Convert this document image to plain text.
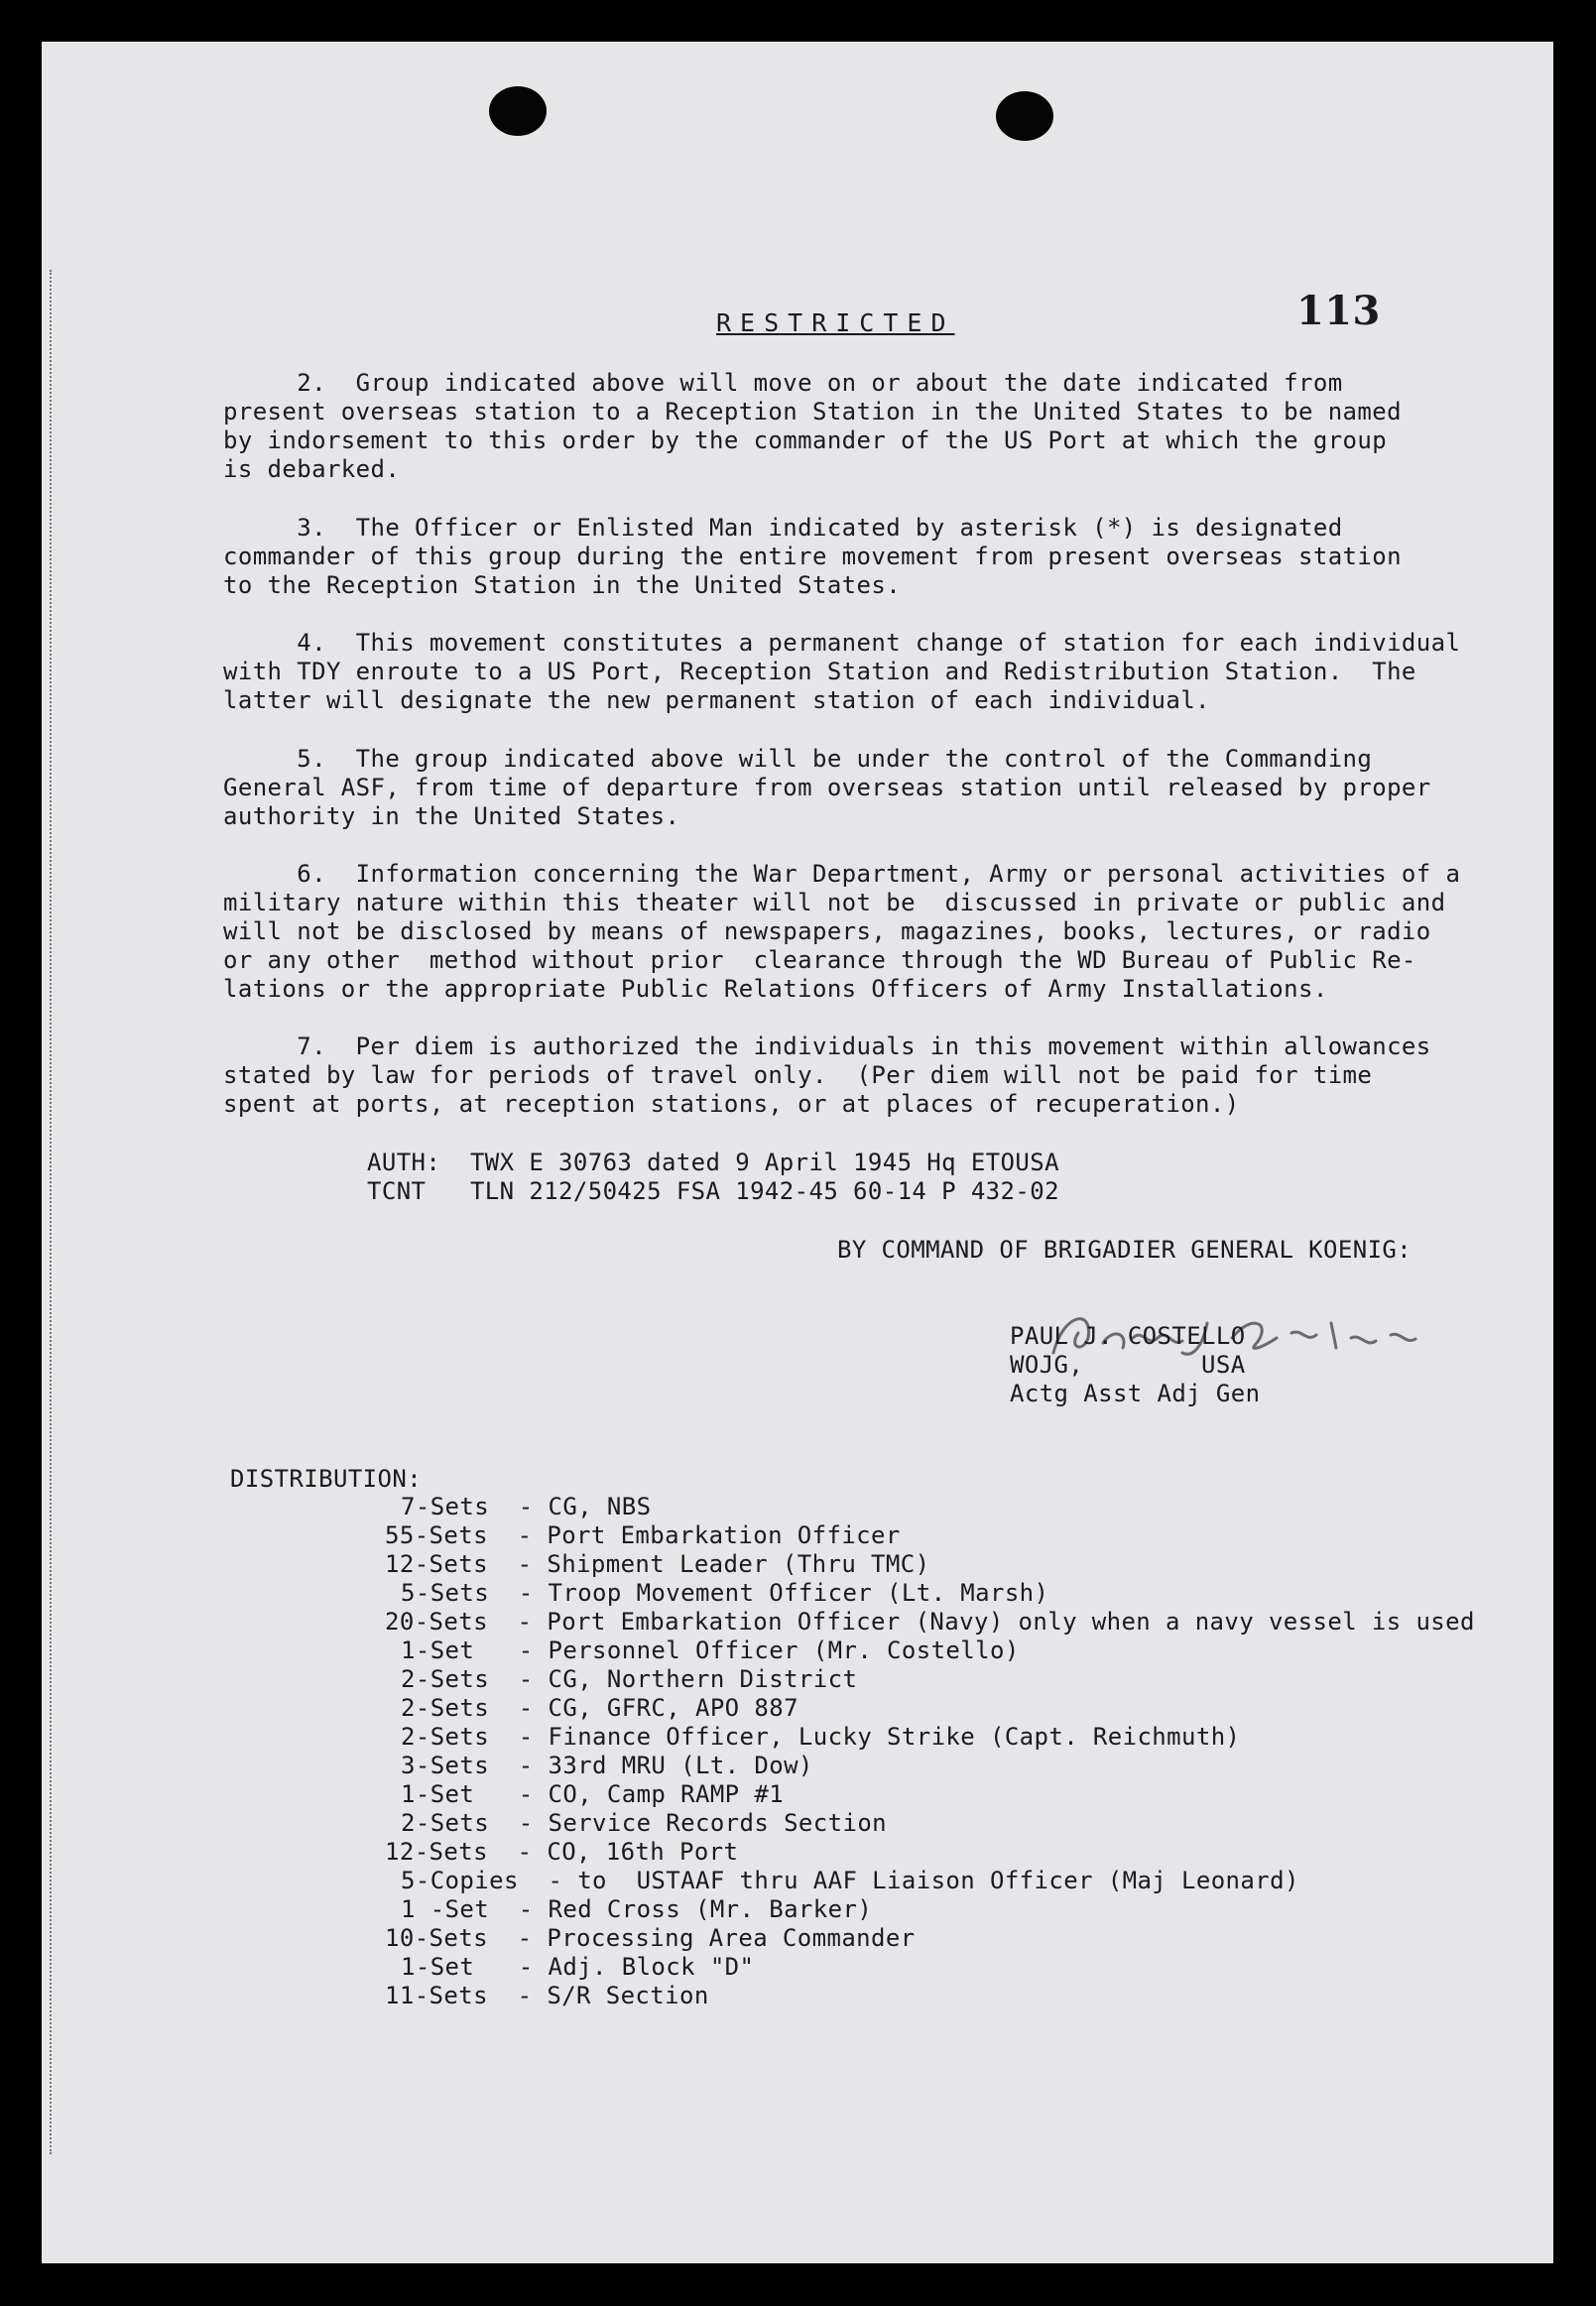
RESTRICTED	113
2.  Group indicated above will move on or about the date indicated from
present overseas station to a Reception Station in the United States to be named
by indorsement to this order by the commander of the US Port at which the group
is debarked.
3.  The Officer or Enlisted Man indicated by asterisk (*) is designated
commander of this group during the entire movement from present overseas station
to the Reception Station in the United States.
4.  This movement constitutes a permanent change of station for each individual
with TDY enroute to a US Port, Reception Station and Redistribution Station.  The
latter will designate the new permanent station of each individual.
5.  The group indicated above will be under the control of the Commanding
General ASF, from time of departure from overseas station until released by proper
authority in the United States.
6.  Information concerning the War Department, Army or personal activities of a
military nature within this theater will not be  discussed in private or public and
will not be disclosed by means of newspapers, magazines, books, lectures, or radio
or any other  method without prior  clearance through the WD Bureau of Public Re-
lations or the appropriate Public Relations Officers of Army Installations.
7.  Per diem is authorized the individuals in this movement within allowances
stated by law for periods of travel only.  (Per diem will not be paid for time
spent at ports, at reception stations, or at places of recuperation.)
AUTH:  TWX E 30763 dated 9 April 1945 Hq ETOUSA
TCNT   TLN 212/50425 FSA 1942-45 60-14 P 432-02
BY COMMAND OF BRIGADIER GENERAL KOENIG:
PAUL J. COSTELLO
WOJG,        USA
Actg Asst Adj Gen
DISTRIBUTION:
7-Sets  - CG, NBS
55-Sets  - Port Embarkation Officer
12-Sets  - Shipment Leader (Thru TMC)
5-Sets  - Troop Movement Officer (Lt. Marsh)
20-Sets  - Port Embarkation Officer (Navy) only when a navy vessel is used
1-Set   - Personnel Officer (Mr. Costello)
2-Sets  - CG, Northern District
2-Sets  - CG, GFRC, APO 887
2-Sets  - Finance Officer, Lucky Strike (Capt. Reichmuth)
3-Sets  - 33rd MRU (Lt. Dow)
1-Set   - CO, Camp RAMP #1
2-Sets  - Service Records Section
12-Sets  - CO, 16th Port
5-Copies  - to  USTAAF thru AAF Liaison Officer (Maj Leonard)
1 -Set  - Red Cross (Mr. Barker)
10-Sets  - Processing Area Commander
1-Set   - Adj. Block "D"
11-Sets  - S/R Section
